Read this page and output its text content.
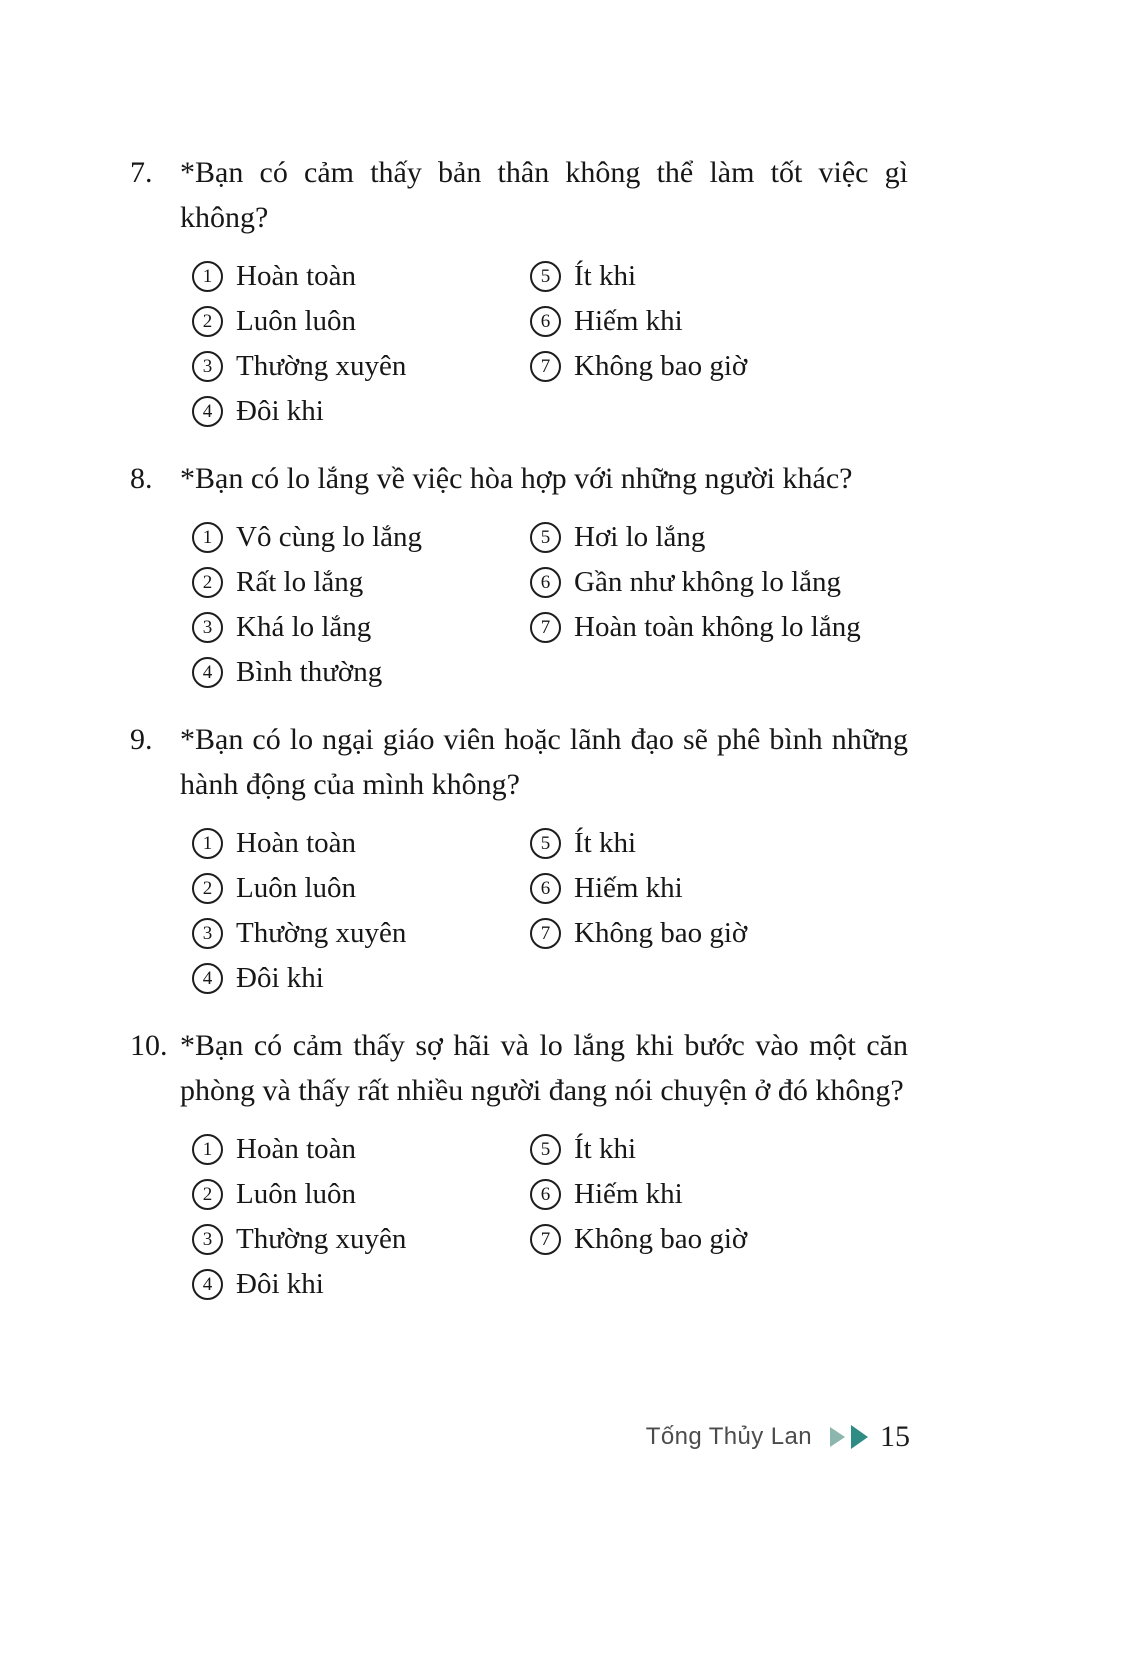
7. *Bạn có cảm thấy bản thân không thể làm tốt việc gì không?
1 Hoàn toàn
2 Luôn luôn
3 Thường xuyên
4 Đôi khi
5 Ít khi
6 Hiếm khi
7 Không bao giờ
8. *Bạn có lo lắng về việc hòa hợp với những người khác?
1 Vô cùng lo lắng
2 Rất lo lắng
3 Khá lo lắng
4 Bình thường
5 Hơi lo lắng
6 Gần như không lo lắng
7 Hoàn toàn không lo lắng
9. *Bạn có lo ngại giáo viên hoặc lãnh đạo sẽ phê bình những hành động của mình không?
1 Hoàn toàn
2 Luôn luôn
3 Thường xuyên
4 Đôi khi
5 Ít khi
6 Hiếm khi
7 Không bao giờ
10. *Bạn có cảm thấy sợ hãi và lo lắng khi bước vào một căn phòng và thấy rất nhiều người đang nói chuyện ở đó không?
1 Hoàn toàn
2 Luôn luôn
3 Thường xuyên
4 Đôi khi
5 Ít khi
6 Hiếm khi
7 Không bao giờ
Tống Thủy Lan 15
